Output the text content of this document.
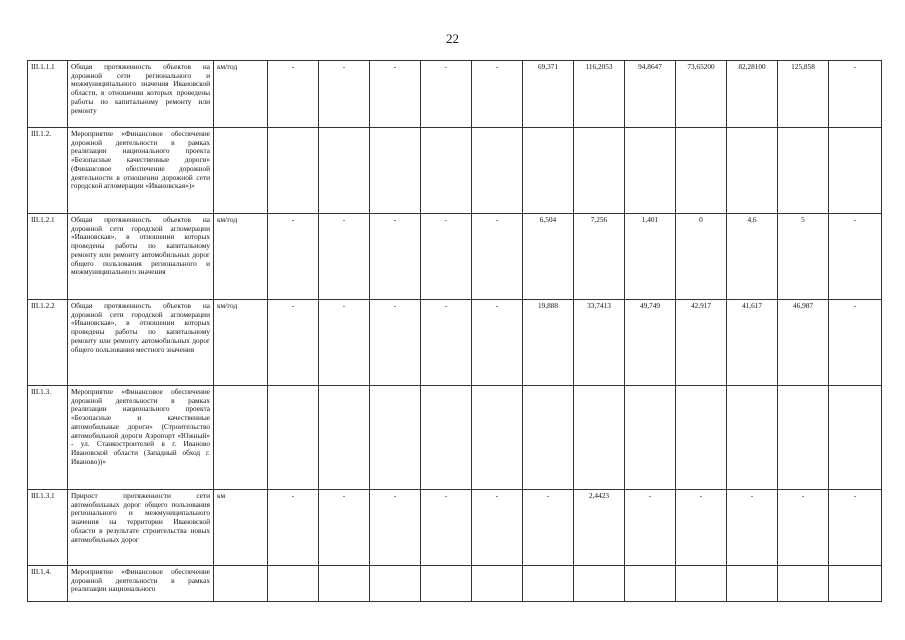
22
III.1.1.1	Общая протяженность объектов на дорожной сети регионального и межмуниципального значения Ивановской области, в отношении которых проведены работы по капитальному ремонту или ремонту	км/год	-	-	-	-	-	69,371	116,2053	94,8647	73,65200	82,28100	125,858	-
III.1.2.	Мероприятие «Финансовое обеспечение дорожной деятельности в рамках реализации национального проекта «Безопасные качественные дороги» (Финансовое обеспечение дорожной деятельности в отношении дорожной сети городской агломерации «Ивановская»)»													
III.1.2.1	Общая протяженность объектов на дорожной сети городской агломерации «Ивановская», в отношении которых проведены работы по капитальному ремонту или ремонту автомобильных дорог общего пользования регионального и межмуниципального значения	км/год	-	-	-	-	-	6,504	7,256	1,401	0	4,6	5	-
III.1.2.2	Общая протяженность объектов на дорожной сети городской агломерации «Ивановская», в отношении которых проведены работы по капитальному ремонту или ремонту автомобильных дорог общего пользования местного значения	км/год	-	-	-	-	-	19,888	33,7413	49,749	42,917	41,617	46,987	-
III.1.3.	Мероприятие «Финансовое обеспечение дорожной деятельности в рамках реализации национального проекта «Безопасные и качественные автомобильные дороги» (Строительство автомобильной дороги Аэропорт «Южный» - ул. Станкостроителей в г. Иваново Ивановской области (Западный обход г. Иваново))»													
III.1.3.1	Прирост протяженности сети автомобильных дорог общего пользования регионального и межмуниципального значения на территории Ивановской области в результате строительства новых автомобильных дорог	км	-	-	-	-	-	-	2,4423	-	-	-	-	-
III.1.4.	Мероприятие «Финансовое обеспечение дорожной деятельности в рамках реализации национального													
